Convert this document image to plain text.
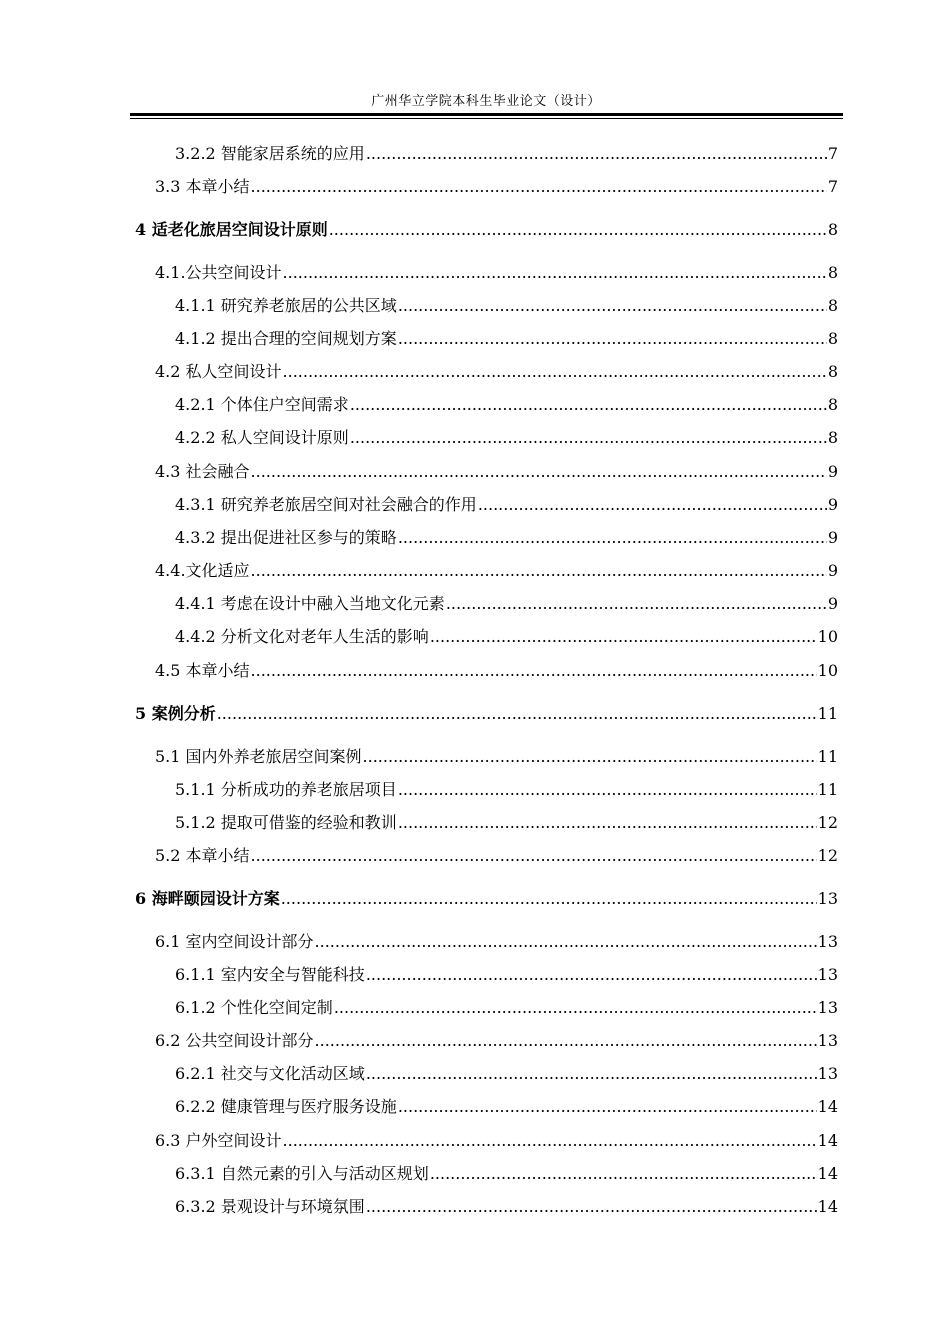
广州华立学院本科生毕业论文（设计）
3.2.2 智能家居系统的应用 .....	7
3.3 本章小结 .....	7
4 适老化旅居空间设计原则 .....	8
4.1.公共空间设计 .....	8
4.1.1 研究养老旅居的公共区域 .....	8
4.1.2 提出合理的空间规划方案 .....	8
4.2 私人空间设计 .....	8
4.2.1 个体住户空间需求 .....	8
4.2.2 私人空间设计原则 .....	8
4.3 社会融合 .....	9
4.3.1 研究养老旅居空间对社会融合的作用 .....	9
4.3.2 提出促进社区参与的策略 .....	9
4.4.文化适应 .....	9
4.4.1 考虑在设计中融入当地文化元素 .....	9
4.4.2 分析文化对老年人生活的影响 .....	10
4.5 本章小结 .....	10
5 案例分析 .....	11
5.1 国内外养老旅居空间案例 .....	11
5.1.1 分析成功的养老旅居项目 .....	11
5.1.2 提取可借鉴的经验和教训 .....	12
5.2 本章小结 .....	12
6 海畔颐园设计方案 .....	13
6.1 室内空间设计部分 .....	13
6.1.1 室内安全与智能科技 .....	13
6.1.2 个性化空间定制 .....	13
6.2 公共空间设计部分 .....	13
6.2.1 社交与文化活动区域 .....	13
6.2.2 健康管理与医疗服务设施 .....	14
6.3 户外空间设计 .....	14
6.3.1 自然元素的引入与活动区规划 .....	14
6.3.2 景观设计与环境氛围 .....	14
